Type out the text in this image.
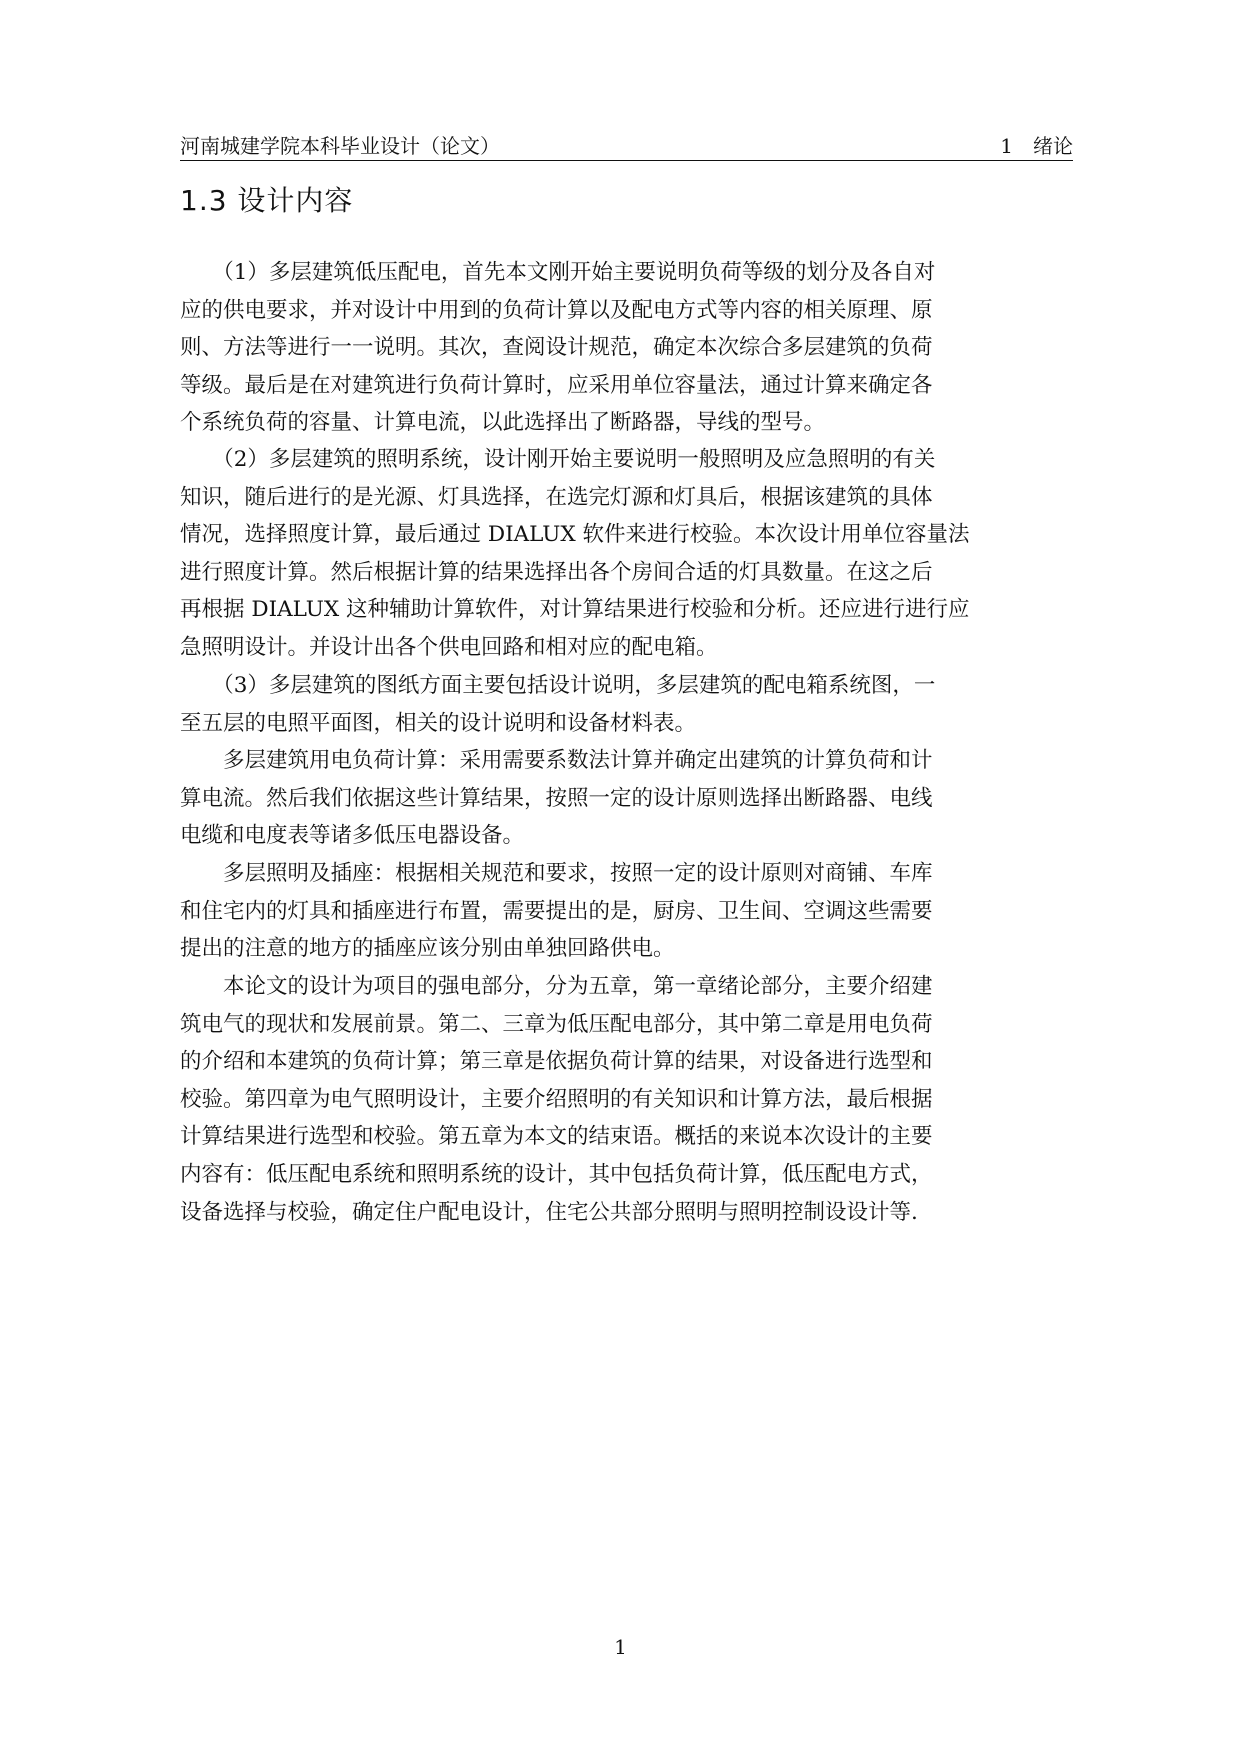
河南城建学院本科毕业设计（论文）	1　绪论
1.3 设计内容
　　（1）多层建筑低压配电，首先本文刚开始主要说明负荷等级的划分及各自对
应的供电要求，并对设计中用到的负荷计算以及配电方式等内容的相关原理、原
则、方法等进行一一说明。其次，查阅设计规范，确定本次综合多层建筑的负荷
等级。最后是在对建筑进行负荷计算时，应采用单位容量法，通过计算来确定各
个系统负荷的容量、计算电流，以此选择出了断路器，导线的型号。
　　（2）多层建筑的照明系统，设计刚开始主要说明一般照明及应急照明的有关
知识，随后进行的是光源、灯具选择，在选完灯源和灯具后，根据该建筑的具体
情况，选择照度计算，最后通过 DIALUX 软件来进行校验。本次设计用单位容量法
进行照度计算。然后根据计算的结果选择出各个房间合适的灯具数量。在这之后
再根据 DIALUX 这种辅助计算软件，对计算结果进行校验和分析。还应进行进行应
急照明设计。并设计出各个供电回路和相对应的配电箱。
　　（3）多层建筑的图纸方面主要包括设计说明，多层建筑的配电箱系统图，一
至五层的电照平面图，相关的设计说明和设备材料表。
　　多层建筑用电负荷计算：采用需要系数法计算并确定出建筑的计算负荷和计
算电流。然后我们依据这些计算结果，按照一定的设计原则选择出断路器、电线
电缆和电度表等诸多低压电器设备。
　　多层照明及插座：根据相关规范和要求，按照一定的设计原则对商铺、车库
和住宅内的灯具和插座进行布置，需要提出的是，厨房、卫生间、空调这些需要
提出的注意的地方的插座应该分别由单独回路供电。
　　本论文的设计为项目的强电部分，分为五章，第一章绪论部分，主要介绍建
筑电气的现状和发展前景。第二、三章为低压配电部分，其中第二章是用电负荷
的介绍和本建筑的负荷计算；第三章是依据负荷计算的结果，对设备进行选型和
校验。第四章为电气照明设计，主要介绍照明的有关知识和计算方法，最后根据
计算结果进行选型和校验。第五章为本文的结束语。概括的来说本次设计的主要
内容有：低压配电系统和照明系统的设计，其中包括负荷计算，低压配电方式，
设备选择与校验，确定住户配电设计，住宅公共部分照明与照明控制设设计等.
1
